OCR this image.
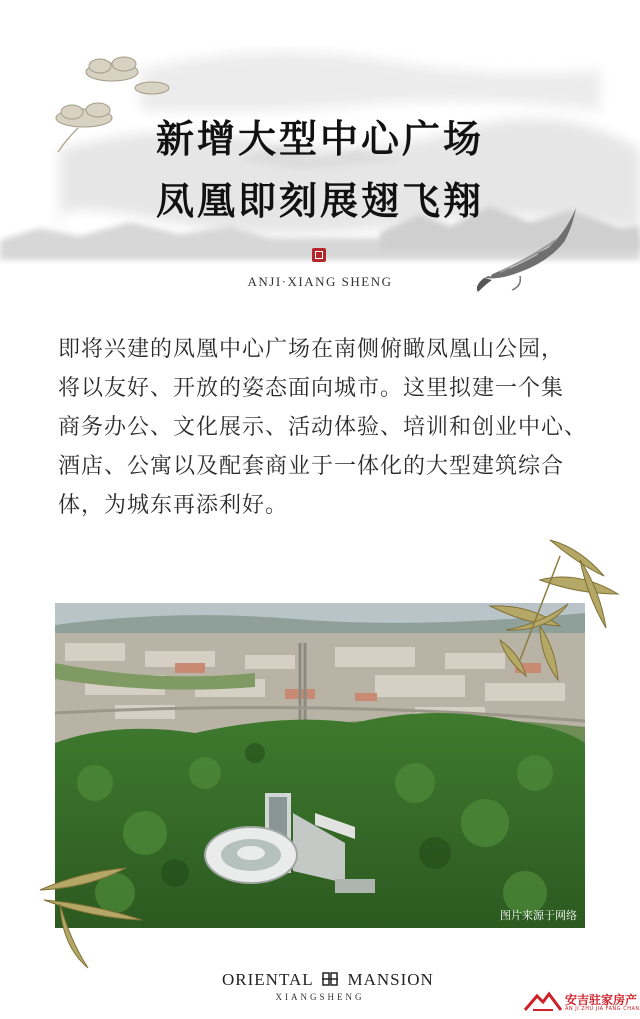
新增大型中心广场
凤凰即刻展翅飞翔
ANJI·XIANG SHENG
即将兴建的凤凰中心广场在南侧俯瞰凤凰山公园，
将以友好、开放的姿态面向城市。这里拟建一个集
商务办公、文化展示、活动体验、培训和创业中心、
酒店、公寓以及配套商业于一体化的大型建筑综合
体，为城东再添利好。
图片来源于网络
ORIENTAL MANSION
XIANGSHENG	安吉驻家房产
AN JI ZHU JIA FANG CHAN
